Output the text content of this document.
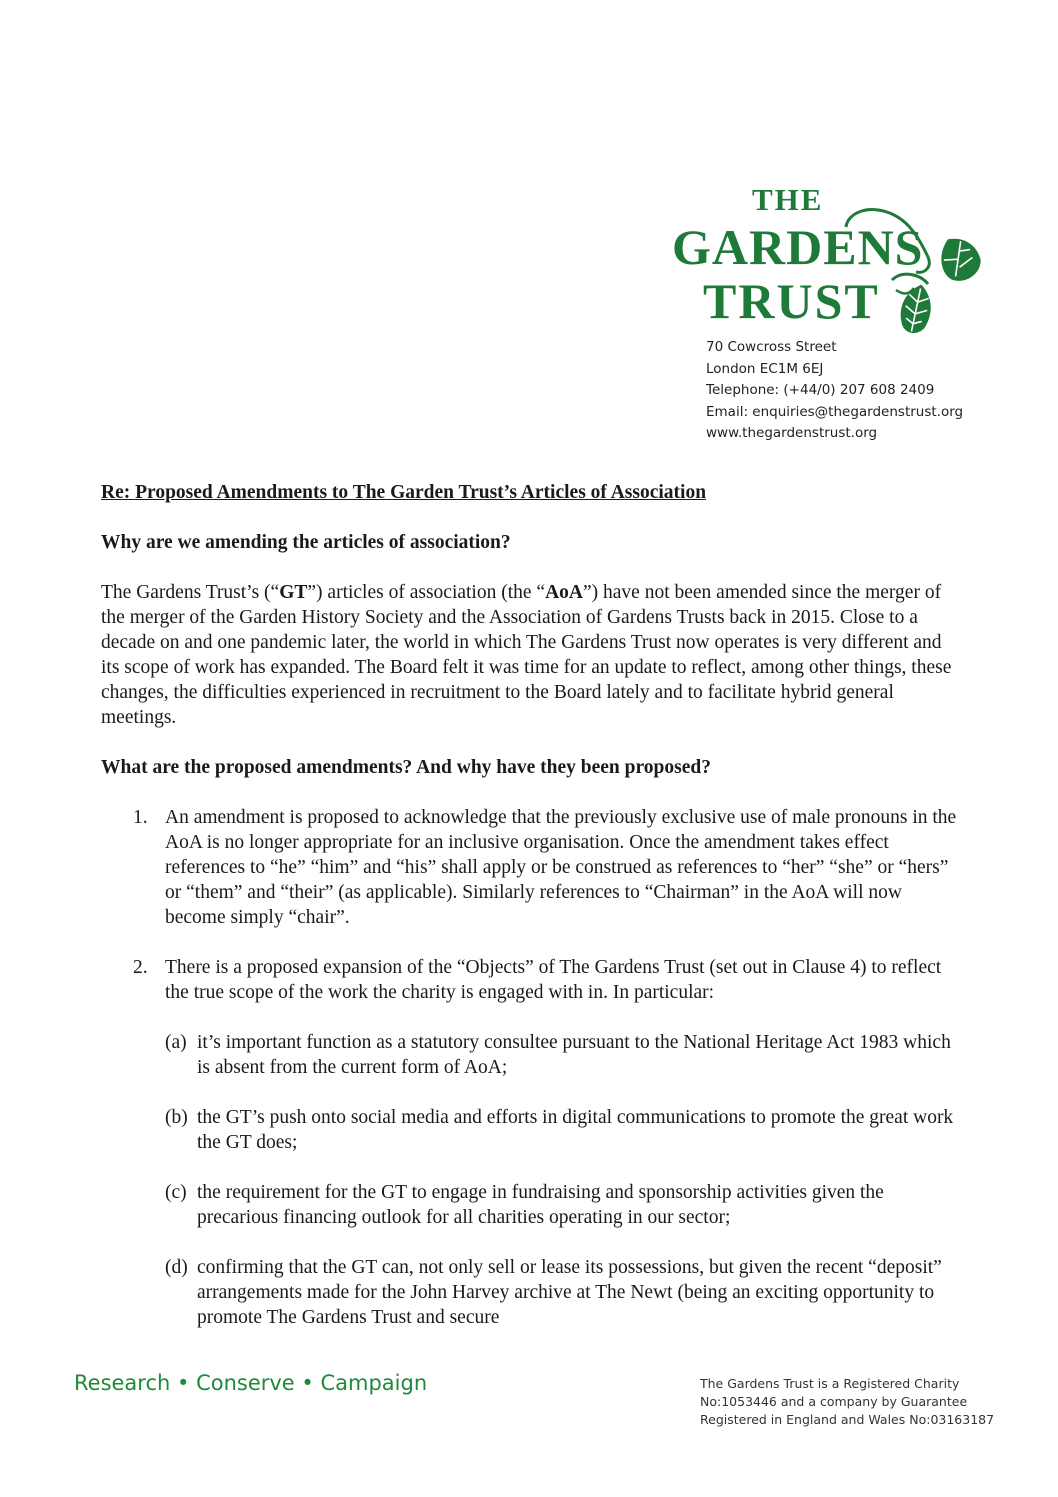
THE
GARDENS
TRUST
70 Cowcross Street
London EC1M 6EJ
Telephone: (+44/0) 207 608 2409
Email: enquiries@thegardenstrust.org
www.thegardenstrust.org
Re: Proposed Amendments to The Garden Trust’s Articles of Association
Why are we amending the articles of association?
The Gardens Trust’s (“GT”) articles of association (the “AoA”) have not been amended since the merger of the merger of the Garden History Society and the Association of Gardens Trusts back in 2015. Close to a decade on and one pandemic later, the world in which The Gardens Trust now operates is very different and its scope of work has expanded. The Board felt it was time for an update to reflect, among other things, these changes, the difficulties experienced in recruitment to the Board lately and to facilitate hybrid general meetings.
What are the proposed amendments? And why have they been proposed?
1. An amendment is proposed to acknowledge that the previously exclusive use of male pronouns in the AoA is no longer appropriate for an inclusive organisation. Once the amendment takes effect references to “he” “him” and “his” shall apply or be construed as references to “her” “she” or “hers” or “them” and “their” (as applicable). Similarly references to “Chairman” in the AoA will now become simply “chair”.
2. There is a proposed expansion of the “Objects” of The Gardens Trust (set out in Clause 4) to reflect the true scope of the work the charity is engaged with in. In particular:
(a) it’s important function as a statutory consultee pursuant to the National Heritage Act 1983 which is absent from the current form of AoA;
(b) the GT’s push onto social media and efforts in digital communications to promote the great work the GT does;
(c) the requirement for the GT to engage in fundraising and sponsorship activities given the precarious financing outlook for all charities operating in our sector;
(d) confirming that the GT can, not only sell or lease its possessions, but given the recent “deposit” arrangements made for the John Harvey archive at The Newt (being an exciting opportunity to promote The Gardens Trust and secure
Research • Conserve • Campaign	The Gardens Trust is a Registered Charity
No:1053446 and a company by Guarantee
Registered in England and Wales No:03163187
